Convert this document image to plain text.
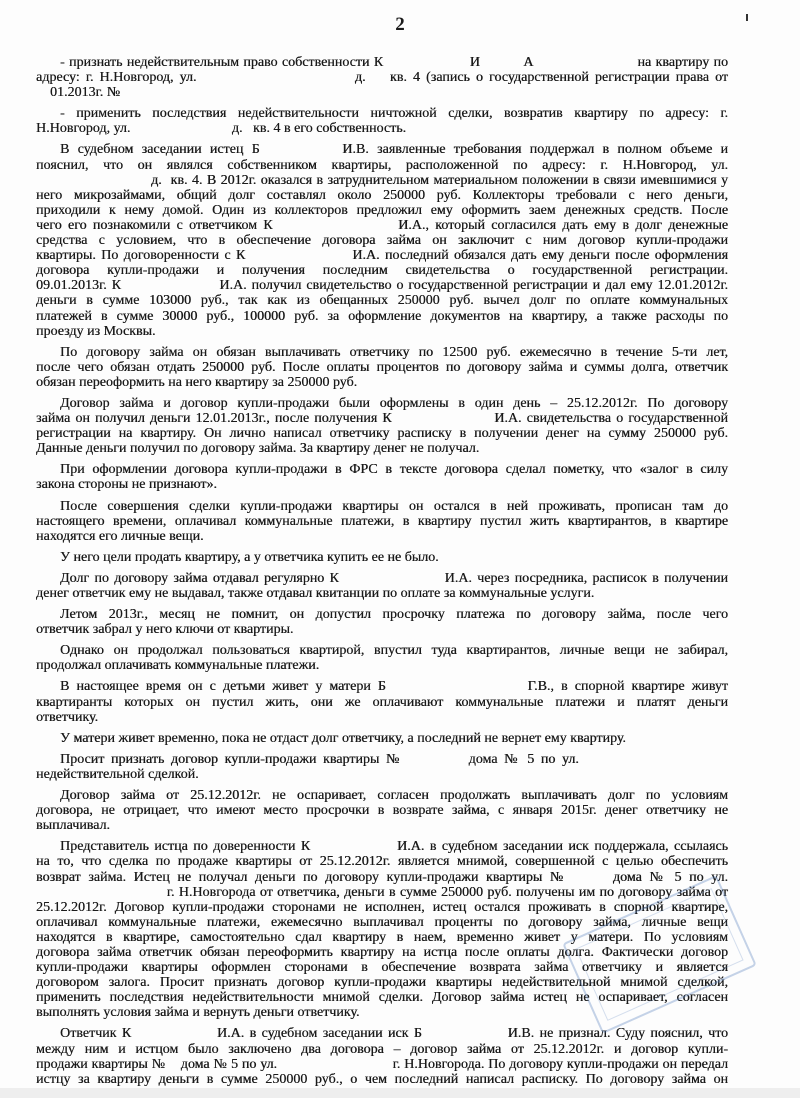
2
- признать недействительным право собственности К                    И          А                        на квартиру по
адресу: г. Н.Новгород, ул.                          д.    кв. 4 (запись о государственной регистрации права от
01.2013г. №
- применить последствия недействительности ничтожной сделки, возвратив квартиру по адресу: г.
Н.Новгород, ул.                             д.   кв. 4 в его собственность.
В судебном заседании истец Б          И.В. заявленные требования поддержал в полном объеме и
пояснил, что он являлся собственником квартиры, расположенной по адресу: г. Н.Новгород, ул.
д.  кв. 4. В 2012г. оказался в затруднительном материальном положении в связи имевшимися у
него микрозаймами, общий долг составлял около 250000 руб. Коллекторы требовали с него деньги,
приходили к нему домой. Один из коллекторов предложил ему оформить заем денежных средств. После
чего его познакомили с ответчиком К                    И.А., который согласился дать ему в долг денежные
средства с условием, что в обеспечение договора займа он заключит с ним договор купли-продажи
квартиры. По договоренности с К                    И.А. последний обязался дать ему деньги после оформления
договора купли-продажи и получения последним свидетельства о государственной регистрации.
09.01.2013г. К                    И.А. получил свидетельство о государственной регистрации и дал ему 12.01.2012г.
деньги в сумме 103000 руб., так как из обещанных 250000 руб. вычел долг по оплате коммунальных
платежей в сумме 30000 руб., 100000 руб. за оформление документов на квартиру, а также расходы по
проезду из Москвы.
По договору займа он обязан выплачивать ответчику по 12500 руб. ежемесячно в течение 5-ти лет,
после чего обязан отдать 250000 руб. После оплаты процентов по договору займа и суммы долга, ответчик
обязан переоформить на него квартиру за 250000 руб.
Договор займа и договор купли-продажи были оформлены в один день – 25.12.2012г. По договору
займа он получил деньги 12.01.2013г., после получения К                    И.А. свидетельства о государственной
регистрации на квартиру. Он лично написал ответчику расписку в получении денег на сумму 250000 руб.
Данные деньги получил по договору займа. За квартиру денег не получал.
При оформлении договора купли-продажи в ФРС в тексте договора сделал пометку, что «залог в силу
закона стороны не признают».
После совершения сделки купли-продажи квартиры он остался в ней проживать, прописан там до
настоящего времени, оплачивал коммунальные платежи, в квартиру пустил жить квартирантов, в квартире
находятся его личные вещи.
У него цели продать квартиру, а у ответчика купить ее не было.
Долг по договору займа отдавал регулярно К                    И.А. через посредника, расписок в получении
денег ответчик ему не выдавал, также отдавал квитанции по оплате за коммунальные услуги.
Летом 2013г., месяц не помнит, он допустил просрочку платежа по договору займа, после чего
ответчик забрал у него ключи от квартиры.
Однако он продолжал пользоваться квартирой, впустил туда квартирантов, личные вещи не забирал,
продолжал оплачивать коммунальные платежи.
В настоящее время он с детьми живет у матери Б                    Г.В., в спорной квартире живут
квартиранты которых он пустил жить, они же оплачивают коммунальные платежи и платят деньги
ответчику.
У матери живет временно, пока не отдаст долг ответчику, а последний не вернет ему квартиру.
Просит признать договор купли-продажи квартиры №          дома № 5 по ул.
недействительной сделкой.
Договор займа от 25.12.2012г. не оспаривает, согласен продолжать выплачивать долг по условиям
договора, не отрицает, что имеют место просрочки в возврате займа, с января 2015г. денег ответчику не
выплачивал.
Представитель истца по доверенности К                И.А. в судебном заседании иск поддержала, ссылаясь
на то, что сделка по продаже квартиры от 25.12.2012г. является мнимой, совершенной с целью обеспечить
возврат займа. Истец не получал деньги по договору купли-продажи квартиры №      дома № 5 по ул.
г. Н.Новгорода от ответчика, деньги в сумме 250000 руб. получены им по договору займа от
25.12.2012г. Договор купли-продажи сторонами не исполнен, истец остался проживать в спорной квартире,
оплачивал коммунальные платежи, ежемесячно выплачивал проценты по договору займа, личные вещи
находятся в квартире, самостоятельно сдал квартиру в наем, временно живет у матери. По условиям
договора займа ответчик обязан переоформить квартиру на истца после оплаты долга. Фактически договор
купли-продажи квартиры оформлен сторонами в обеспечение возврата займа ответчику и является
договором залога. Просит признать договор купли-продажи квартиры недействительной мнимой сделкой,
применить последствия недействительности мнимой сделки. Договор займа истец не оспаривает, согласен
выполнять условия займа и вернуть деньги ответчику.
Ответчик К                И.А. в судебном заседании иск Б                И.В. не признал. Суду пояснил, что
между ним и истцом было заключено два договора – договор займа от 25.12.2012г. и договор купли-
продажи квартиры №    дома № 5 по ул.                              г. Н.Новгорода. По договору купли-продажи он передал
истцу за квартиру деньги в сумме 250000 руб., о чем последний написал расписку. По договору займа он
